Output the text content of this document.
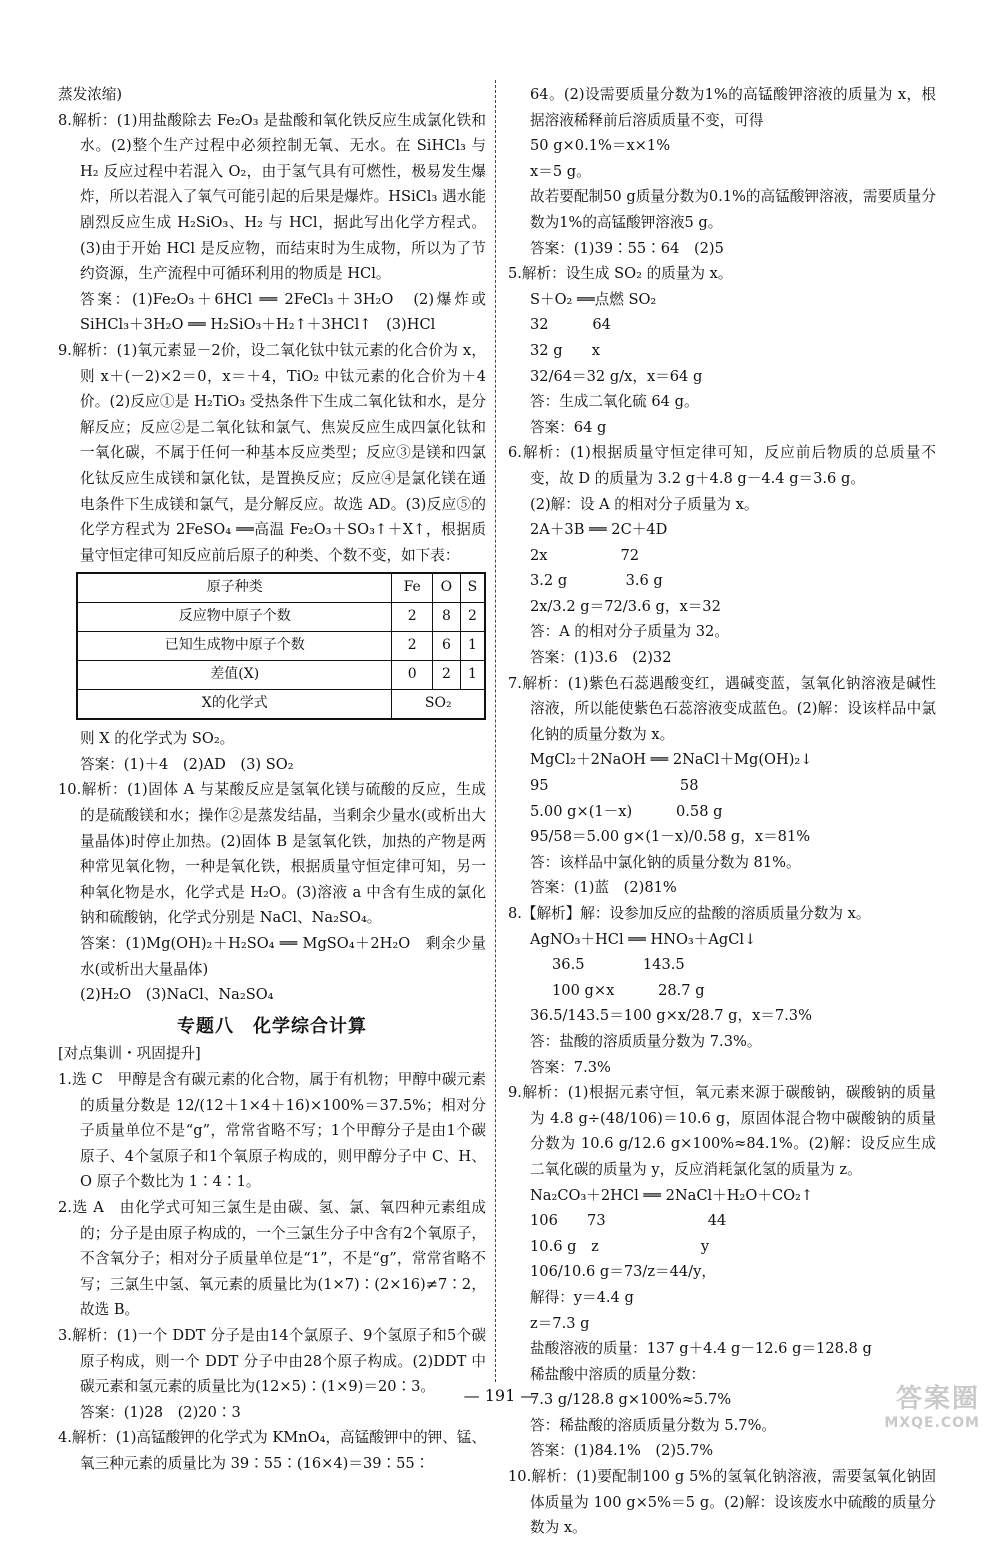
蒸发浓缩)

8.解析：(1)用盐酸除去 Fe₂O₃ 是盐酸和氧化铁反应生成氯化铁和水。(2)整个生产过程中必须控制无氧、无水。在 SiHCl₃ 与 H₂ 反应过程中若混入 O₂，由于氢气具有可燃性，极易发生爆炸，所以若混入了氧气可能引起的后果是爆炸。HSiCl₃ 遇水能剧烈反应生成 H₂SiO₃、H₂ 与 HCl，据此写出化学方程式。(3)由于开始 HCl 是反应物，而结束时为生成物，所以为了节约资源，生产流程中可循环利用的物质是 HCl。

答案：(1)Fe₂O₃＋6HCl ══ 2FeCl₃＋3H₂O　(2)爆炸或 SiHCl₃＋3H₂O ══ H₂SiO₃＋H₂↑＋3HCl↑　(3)HCl

9.解析：(1)氧元素显－2价，设二氧化钛中钛元素的化合价为 x，则 x＋(－2)×2＝0，x＝＋4，TiO₂ 中钛元素的化合价为＋4价。(2)反应①是 H₂TiO₃ 受热条件下生成二氧化钛和水，是分解反应；反应②是二氧化钛和氯气、焦炭反应生成四氯化钛和一氧化碳，不属于任何一种基本反应类型；反应③是镁和四氯化钛反应生成镁和氯化钛，是置换反应；反应④是氯化镁在通电条件下生成镁和氯气，是分解反应。故选 AD。(3)反应⑤的化学方程式为 2FeSO₄ ══高温 Fe₂O₃＋SO₃↑＋X↑，根据质量守恒定律可知反应前后原子的种类、个数不变，如下表：

原子种类	Fe	O	S
反应物中原子个数	2	8	2
已知生成物中原子个数	2	6	1
差值(X)	0	2	1
X的化学式	SO₂		

则 X 的化学式为 SO₂。

答案：(1)＋4　(2)AD　(3) SO₂

10.解析：(1)固体 A 与某酸反应是氢氧化镁与硫酸的反应，生成的是硫酸镁和水；操作②是蒸发结晶，当剩余少量水(或析出大量晶体)时停止加热。(2)固体 B 是氢氧化铁，加热的产物是两种常见氧化物，一种是氧化铁，根据质量守恒定律可知，另一种氧化物是水，化学式是 H₂O。(3)溶液 a 中含有生成的氯化钠和硫酸钠，化学式分别是 NaCl、Na₂SO₄。

答案：(1)Mg(OH)₂＋H₂SO₄ ══ MgSO₄＋2H₂O　剩余少量水(或析出大量晶体)

(2)H₂O　(3)NaCl、Na₂SO₄

专题八　化学综合计算

[对点集训・巩固提升]

1.选 C　甲醇是含有碳元素的化合物，属于有机物；甲醇中碳元素的质量分数是 12/(12＋1×4＋16)×100%＝37.5%；相对分子质量单位不是“g”，常常省略不写；1个甲醇分子是由1个碳原子、4个氢原子和1个氧原子构成的，则甲醇分子中 C、H、O 原子个数比为 1∶4∶1。

2.选 A　由化学式可知三氯生是由碳、氢、氯、氧四种元素组成的；分子是由原子构成的，一个三氯生分子中含有2个氧原子，不含氧分子；相对分子质量单位是“1”，不是“g”，常常省略不写；三氯生中氢、氧元素的质量比为(1×7)∶(2×16)≠7∶2，故选 B。

3.解析：(1)一个 DDT 分子是由14个氯原子、9个氢原子和5个碳原子构成，则一个 DDT 分子中由28个原子构成。(2)DDT 中碳元素和氢元素的质量比为(12×5)∶(1×9)＝20∶3。

答案：(1)28　(2)20∶3

4.解析：(1)高锰酸钾的化学式为 KMnO₄，高锰酸钾中的钾、锰、氧三种元素的质量比为 39∶55∶(16×4)＝39∶55∶

64。(2)设需要质量分数为1%的高锰酸钾溶液的质量为 x，根据溶液稀释前后溶质质量不变，可得

50 g×0.1%＝x×1%

x＝5 g。

故若要配制50 g质量分数为0.1%的高锰酸钾溶液，需要质量分数为1%的高锰酸钾溶液5 g。

答案：(1)39∶55∶64　(2)5

5.解析：设生成 SO₂ 的质量为 x。

S＋O₂ ══点燃 SO₂

32　　　64

32 g　　x

32/64＝32 g/x，x＝64 g

答：生成二氧化硫 64 g。

答案：64 g

6.解析：(1)根据质量守恒定律可知，反应前后物质的总质量不变，故 D 的质量为 3.2 g＋4.8 g－4.4 g＝3.6 g。

(2)解：设 A 的相对分子质量为 x。

2A＋3B ══ 2C＋4D

2x　　　　　72

3.2 g　　　　3.6 g

2x/3.2 g＝72/3.6 g，x＝32

答：A 的相对分子质量为 32。

答案：(1)3.6　(2)32

7.解析：(1)紫色石蕊遇酸变红，遇碱变蓝，氢氧化钠溶液是碱性溶液，所以能使紫色石蕊溶液变成蓝色。(2)解：设该样品中氯化钠的质量分数为 x。

MgCl₂＋2NaOH ══ 2NaCl＋Mg(OH)₂↓

95　　　　　　　　　58

5.00 g×(1－x)　　　0.58 g

95/58＝5.00 g×(1－x)/0.58 g，x＝81%

答：该样品中氯化钠的质量分数为 81%。

答案：(1)蓝　(2)81%

8.【解析】解：设参加反应的盐酸的溶质质量分数为 x。

AgNO₃＋HCl ══ HNO₃＋AgCl↓

36.5　　　　143.5

100 g×x　　　28.7 g

36.5/143.5＝100 g×x/28.7 g，x＝7.3%

答：盐酸的溶质质量分数为 7.3%。

答案：7.3%

9.解析：(1)根据元素守恒，氧元素来源于碳酸钠，碳酸钠的质量为 4.8 g÷(48/106)＝10.6 g，原固体混合物中碳酸钠的质量分数为 10.6 g/12.6 g×100%≈84.1%。(2)解：设反应生成二氧化碳的质量为 y，反应消耗氯化氢的质量为 z。

Na₂CO₃＋2HCl ══ 2NaCl＋H₂O＋CO₂↑

106　　73　　　　　　　44

10.6 g　z　　　　　　　y

106/10.6 g＝73/z＝44/y，

解得：y＝4.4 g

z＝7.3 g

盐酸溶液的质量：137 g＋4.4 g－12.6 g＝128.8 g

稀盐酸中溶质的质量分数：

7.3 g/128.8 g×100%≈5.7%

答：稀盐酸的溶质质量分数为 5.7%。

答案：(1)84.1%　(2)5.7%

10.解析：(1)要配制100 g 5%的氢氧化钠溶液，需要氢氧化钠固体质量为 100 g×5%＝5 g。(2)解：设该废水中硫酸的质量分数为 x。

— 191 —	答案圈
MXQE.COM
